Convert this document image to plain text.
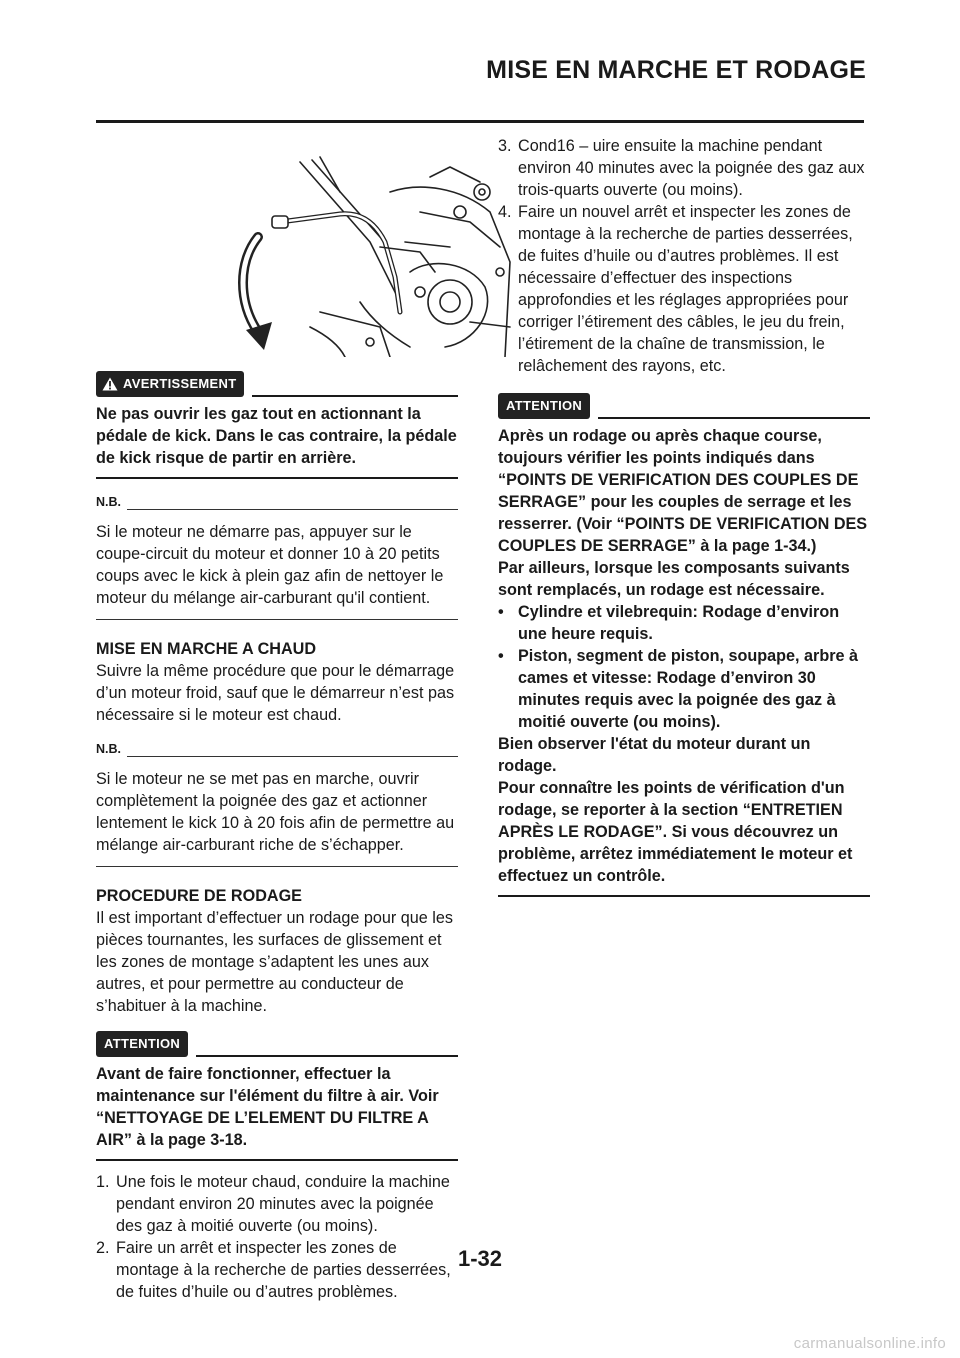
MISE EN MARCHE ET RODAGE
AVERTISSEMENT
Ne pas ouvrir les gaz tout en actionnant la pédale de kick. Dans le cas contraire, la pédale de kick risque de partir en arrière.
N.B.
Si le moteur ne démarre pas, appuyer sur le coupe-circuit du moteur et donner 10 à 20 petits coups avec le kick à plein gaz afin de nettoyer le moteur du mélange air-carburant qu'il contient.
MISE EN MARCHE A CHAUD
Suivre la même procédure que pour le démarrage d’un moteur froid, sauf que le démarreur n’est pas nécessaire si le moteur est chaud.
N.B.
Si le moteur ne se met pas en marche, ouvrir complètement la poignée des gaz et actionner lentement le kick 10 à 20 fois afin de permettre au mélange air-carburant riche de s’échapper.
PROCEDURE DE RODAGE
Il est important d’effectuer un rodage pour que les pièces tournantes, les surfaces de glissement et les zones de montage s’adaptent les unes aux autres, et pour permettre au conducteur de s’habituer à la machine.
ATTENTION
Avant de faire fonctionner, effectuer la maintenance sur l'élément du filtre à air. Voir “NETTOYAGE DE L’ELEMENT DU FILTRE A AIR” à la page 3-18.
1. Une fois le moteur chaud, conduire la machine pendant environ 20 minutes avec la poignée des gaz à moitié ouverte (ou moins).
2. Faire un arrêt et inspecter les zones de montage à la recherche de parties desserrées, de fuites d’huile ou d’autres problèmes.
3. Cond16 – uire ensuite la machine pendant environ 40 minutes avec la poignée des gaz aux trois-quarts ouverte (ou moins).
4. Faire un nouvel arrêt et inspecter les zones de montage à la recherche de parties desserrées, de fuites d’huile ou d’autres problèmes. Il est nécessaire d’effectuer des inspections approfondies et les réglages appropriées pour corriger l’étirement des câbles, le jeu du frein, l’étirement de la chaîne de transmission, le relâchement des rayons, etc.
ATTENTION
Après un rodage ou après chaque course, toujours vérifier les points indiqués dans “POINTS DE VERIFICATION DES COUPLES DE SERRAGE” pour les couples de serrage et les resserrer. (Voir “POINTS DE VERIFICATION DES COUPLES DE SERRAGE” à la page 1-34.)
Par ailleurs, lorsque les composants suivants sont remplacés, un rodage est nécessaire.
• Cylindre et vilebrequin: Rodage d’environ une heure requis.
• Piston, segment de piston, soupape, arbre à cames et vitesse: Rodage d’environ 30 minutes requis avec la poignée des gaz à moitié ouverte (ou moins).
Bien observer l'état du moteur durant un rodage.
Pour connaître les points de vérification d'un rodage, se reporter à la section “ENTRETIEN APRÈS LE RODAGE”. Si vous découvrez un problème, arrêtez immédiatement le moteur et effectuez un contrôle.
1-32
carmanualsonline.info
